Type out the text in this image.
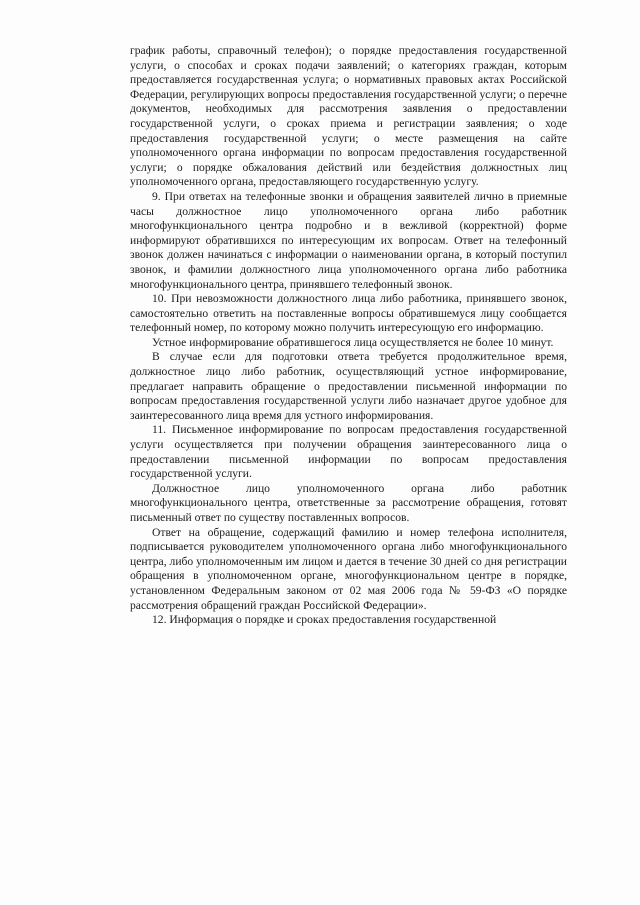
график работы, справочный телефон); о порядке предоставления государственной услуги, о способах и сроках подачи заявлений; о категориях граждан, которым предоставляется государственная услуга; о нормативных правовых актах Российской Федерации, регулирующих вопросы предоставления государственной услуги; о перечне документов, необходимых для рассмотрения заявления о предоставлении государственной услуги, о сроках приема и регистрации заявления; о ходе предоставления государственной услуги; о месте размещения на сайте уполномоченного органа информации по вопросам предоставления государственной услуги; о порядке обжалования действий или бездействия должностных лиц уполномоченного органа, предоставляющего государственную услугу.

9. При ответах на телефонные звонки и обращения заявителей лично в приемные часы должностное лицо уполномоченного органа либо работник многофункционального центра подробно и в вежливой (корректной) форме информируют обратившихся по интересующим их вопросам. Ответ на телефонный звонок должен начинаться с информации о наименовании органа, в который поступил звонок, и фамилии должностного лица уполномоченного органа либо работника многофункционального центра, принявшего телефонный звонок.

10. При невозможности должностного лица либо работника, принявшего звонок, самостоятельно ответить на поставленные вопросы обратившемуся лицу сообщается телефонный номер, по которому можно получить интересующую его информацию.

Устное информирование обратившегося лица осуществляется не более 10 минут.

В случае если для подготовки ответа требуется продолжительное время, должностное лицо либо работник, осуществляющий устное информирование, предлагает направить обращение о предоставлении письменной информации по вопросам предоставления государственной услуги либо назначает другое удобное для заинтересованного лица время для устного информирования.

11. Письменное информирование по вопросам предоставления государственной услуги осуществляется при получении обращения заинтересованного лица о предоставлении письменной информации по вопросам предоставления государственной услуги.

Должностное лицо уполномоченного органа либо работник многофункционального центра, ответственные за рассмотрение обращения, готовят письменный ответ по существу поставленных вопросов.

Ответ на обращение, содержащий фамилию и номер телефона исполнителя, подписывается руководителем уполномоченного органа либо многофункционального центра, либо уполномоченным им лицом и дается в течение 30 дней со дня регистрации обращения в уполномоченном органе, многофункциональном центре в порядке, установленном Федеральным законом от 02 мая 2006 года № 59-ФЗ «О порядке рассмотрения обращений граждан Российской Федерации».

12. Информация о порядке и сроках предоставления государственной
